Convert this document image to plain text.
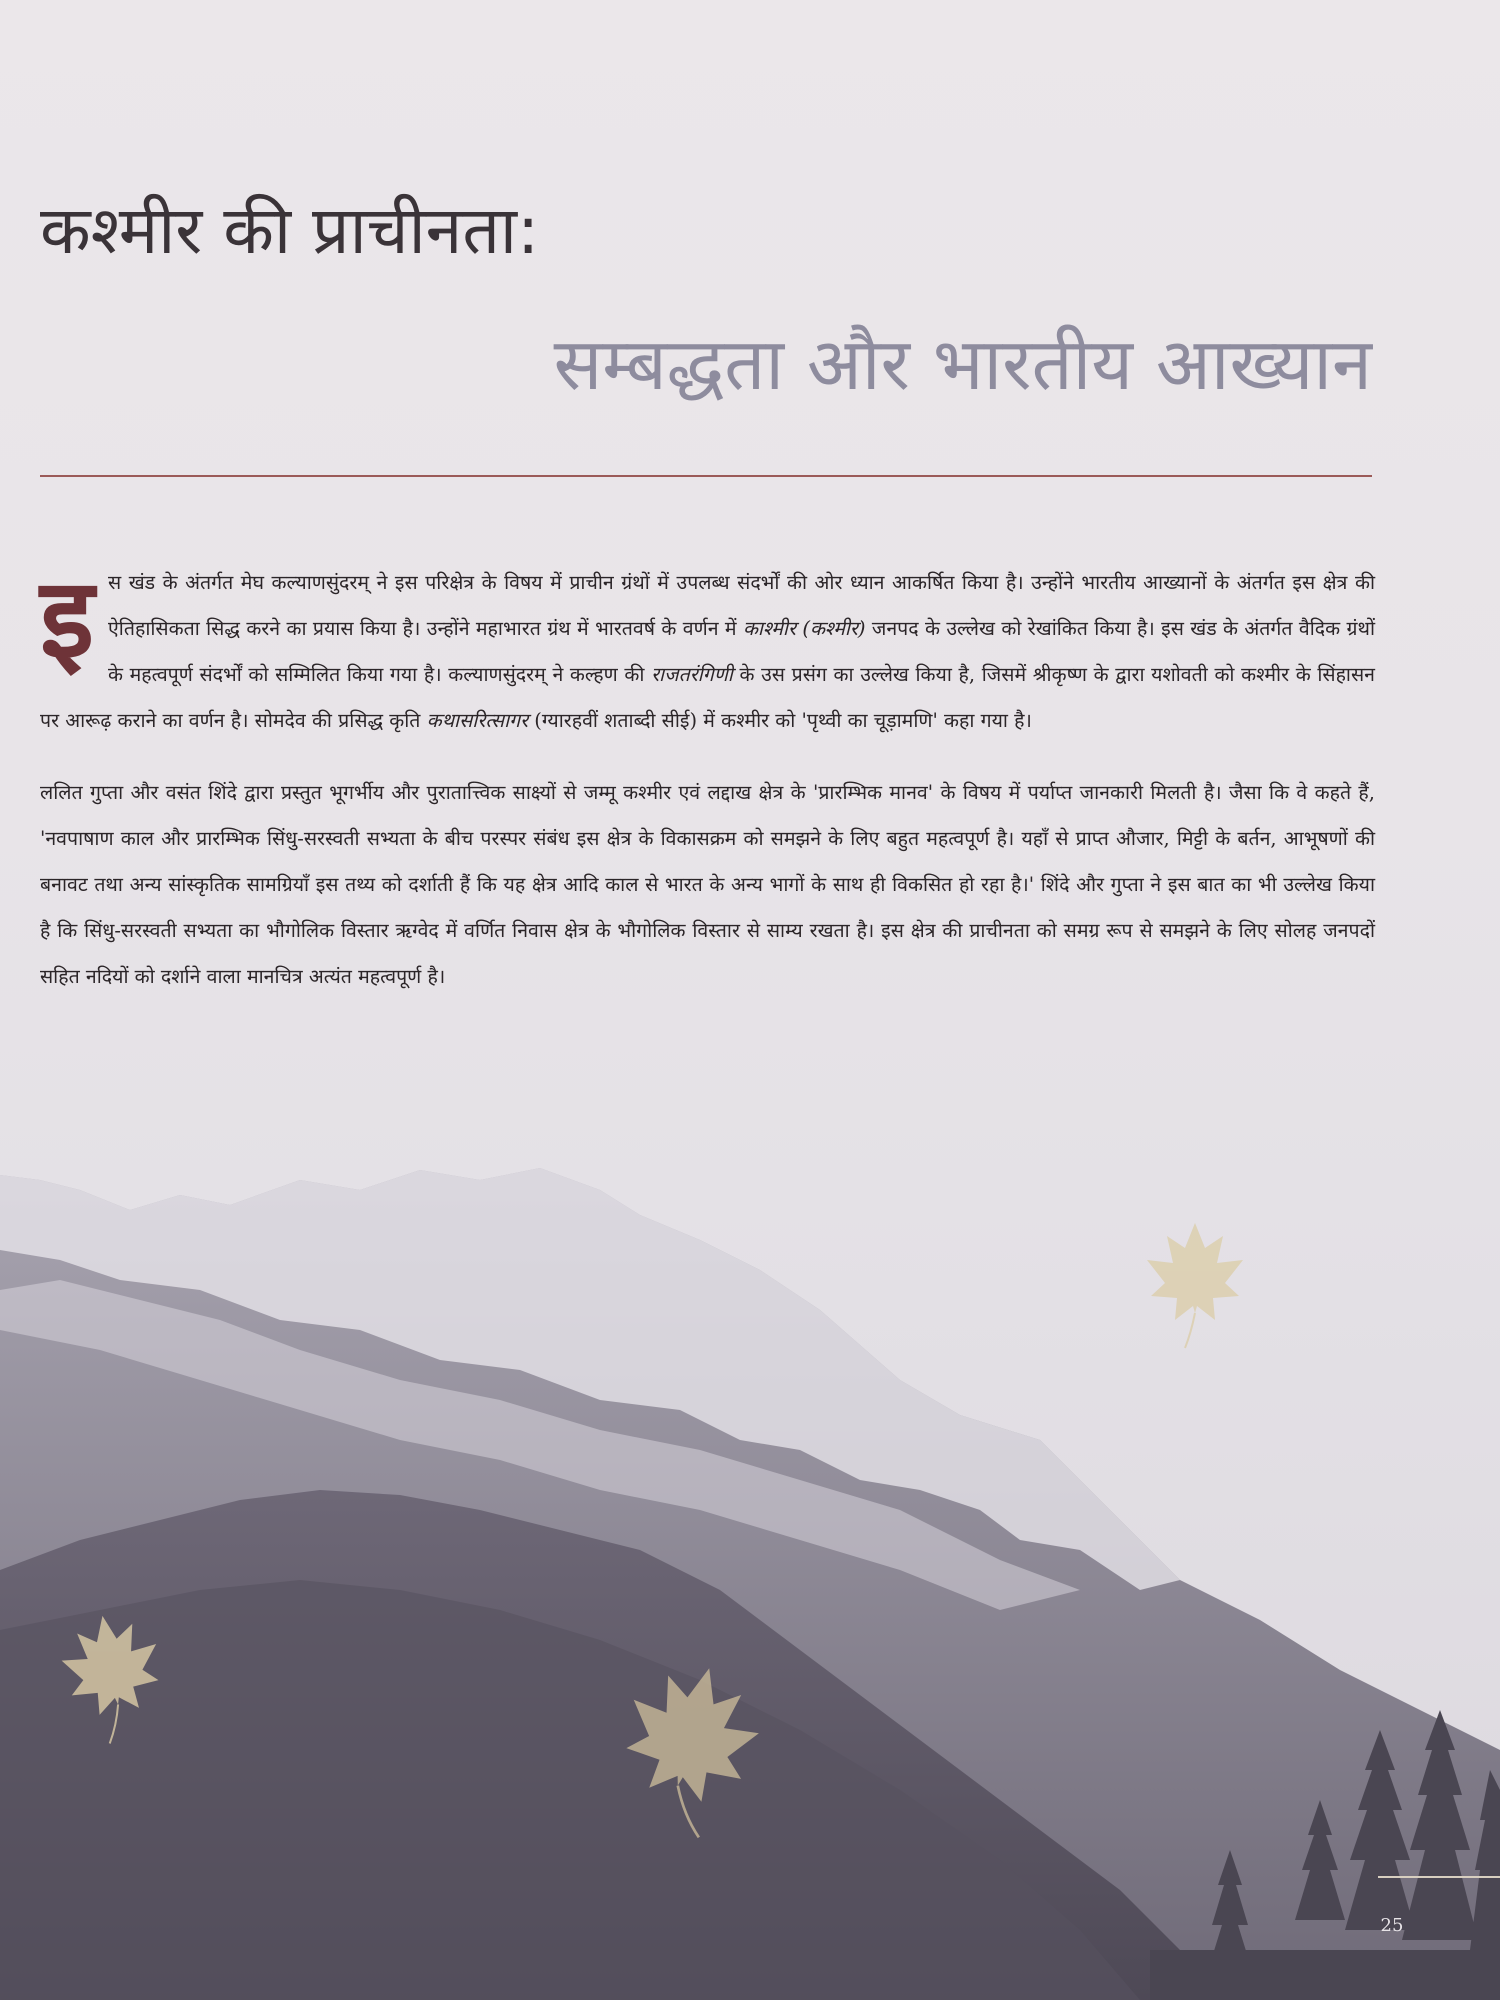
कश्मीर की प्राचीनता:
सम्बद्धता और भारतीय आख्यान

इस खंड के अंतर्गत मेघ कल्याणसुंदरम् ने इस परिक्षेत्र के विषय में प्राचीन ग्रंथों में उपलब्ध संदर्भों की ओर ध्यान आकर्षित किया है। उन्होंने भारतीय आख्यानों के अंतर्गत इस क्षेत्र की ऐतिहासिकता सिद्ध करने का प्रयास किया है। उन्होंने महाभारत ग्रंथ में भारतवर्ष के वर्णन में काश्मीर (कश्मीर) जनपद के उल्लेख को रेखांकित किया है। इस खंड के अंतर्गत वैदिक ग्रंथों के महत्वपूर्ण संदर्भों को सम्मिलित किया गया है। कल्याणसुंदरम् ने कल्हण की राजतरंगिणी के उस प्रसंग का उल्लेख किया है, जिसमें श्रीकृष्ण के द्वारा यशोवती को कश्मीर के सिंहासन पर आरूढ़ कराने का वर्णन है। सोमदेव की प्रसिद्ध कृति कथासरित्सागर (ग्यारहवीं शताब्दी सीई) में कश्मीर को 'पृथ्वी का चूड़ामणि' कहा गया है।

ललित गुप्ता और वसंत शिंदे द्वारा प्रस्तुत भूगर्भीय और पुरातात्त्विक साक्ष्यों से जम्मू कश्मीर एवं लद्दाख क्षेत्र के 'प्रारम्भिक मानव' के विषय में पर्याप्त जानकारी मिलती है। जैसा कि वे कहते हैं, 'नवपाषाण काल और प्रारम्भिक सिंधु-सरस्वती सभ्यता के बीच परस्पर संबंध इस क्षेत्र के विकासक्रम को समझने के लिए बहुत महत्वपूर्ण है। यहाँ से प्राप्त औजार, मिट्टी के बर्तन, आभूषणों की बनावट तथा अन्य सांस्कृतिक सामग्रियाँ इस तथ्य को दर्शाती हैं कि यह क्षेत्र आदि काल से भारत के अन्य भागों के साथ ही विकसित हो रहा है।' शिंदे और गुप्ता ने इस बात का भी उल्लेख किया है कि सिंधु-सरस्वती सभ्यता का भौगोलिक विस्तार ऋग्वेद में वर्णित निवास क्षेत्र के भौगोलिक विस्तार से साम्य रखता है। इस क्षेत्र की प्राचीनता को समग्र रूप से समझने के लिए सोलह जनपदों सहित नदियों को दर्शाने वाला मानचित्र अत्यंत महत्वपूर्ण है।

25
